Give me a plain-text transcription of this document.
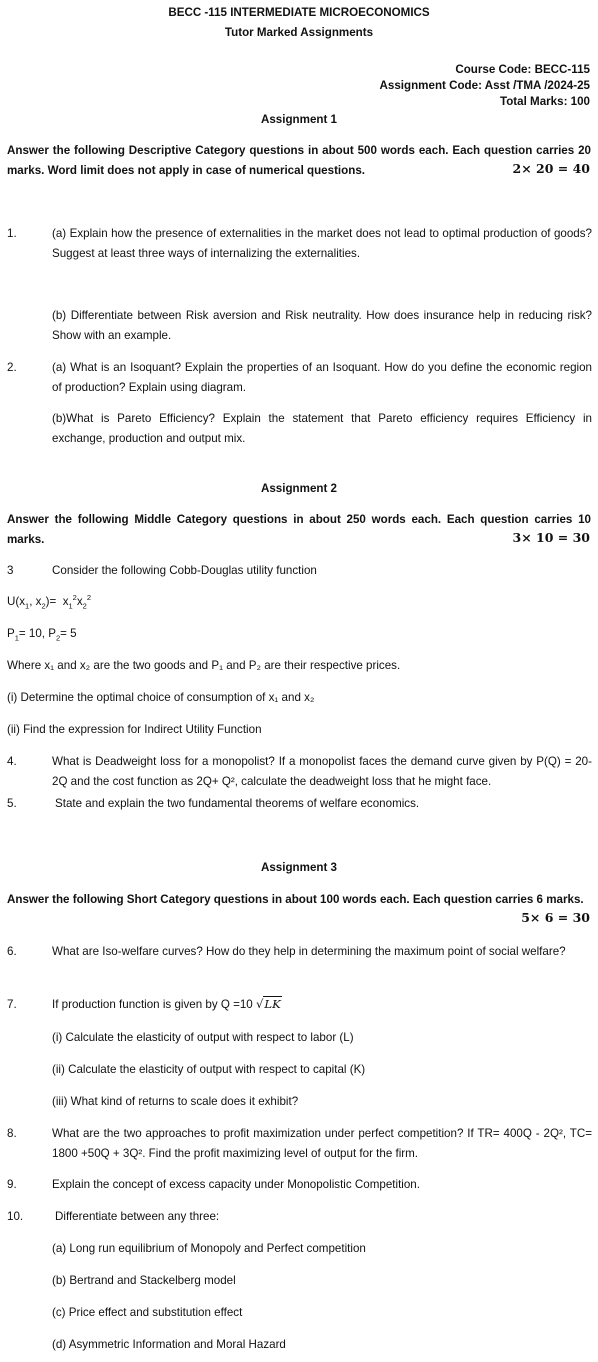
BECC -115 INTERMEDIATE MICROECONOMICS
Tutor Marked Assignments
Course Code: BECC-115
Assignment Code: Asst /TMA /2024-25
Total Marks: 100
Assignment 1
Answer the following Descriptive Category questions in about 500 words each. Each question carries 20 marks. Word limit does not apply in case of numerical questions.	2× 20 = 40
1.	(a) Explain how the presence of externalities in the market does not lead to optimal production of goods? Suggest at least three ways of internalizing the externalities.
(b) Differentiate between Risk aversion and Risk neutrality. How does insurance help in reducing risk? Show with an example.
2.	(a) What is an Isoquant? Explain the properties of an Isoquant. How do you define the economic region of production? Explain using diagram.
(b)What is Pareto Efficiency? Explain the statement that Pareto efficiency requires Efficiency in exchange, production and output mix.
Assignment 2
Answer the following Middle Category questions in about 250 words each. Each question carries 10 marks.	3× 10 = 30
3	Consider the following Cobb-Douglas utility function
$U(x_1$, $x_2)= x_1^2x_2^2$
$P_1= 10$, $P_2= 5$
Where x₁ and x₂ are the two goods and P₁ and P₂ are their respective prices.
(i) Determine the optimal choice of consumption of x₁ and x₂
(ii) Find the expression for Indirect Utility Function
4.	What is Deadweight loss for a monopolist? If a monopolist faces the demand curve given by P(Q) = 20-2Q and the cost function as 2Q+ Q², calculate the deadweight loss that he might face.
5.	State and explain the two fundamental theorems of welfare economics.
Assignment 3
Answer the following Short Category questions in about 100 words each. Each question carries 6 marks.
5× 6 = 30
6.	What are Iso-welfare curves? How do they help in determining the maximum point of social welfare?
7.	If production function is given by Q =10 √LK
(i) Calculate the elasticity of output with respect to labor (L)
(ii) Calculate the elasticity of output with respect to capital (K)
(iii) What kind of returns to scale does it exhibit?
8.	What are the two approaches to profit maximization under perfect competition? If TR= 400Q - 2Q², TC= 1800 +50Q + 3Q². Find the profit maximizing level of output for the firm.
9.	Explain the concept of excess capacity under Monopolistic Competition.
10.	Differentiate between any three:
(a) Long run equilibrium of Monopoly and Perfect competition
(b) Bertrand and Stackelberg model
(c) Price effect and substitution effect
(d) Asymmetric Information and Moral Hazard
